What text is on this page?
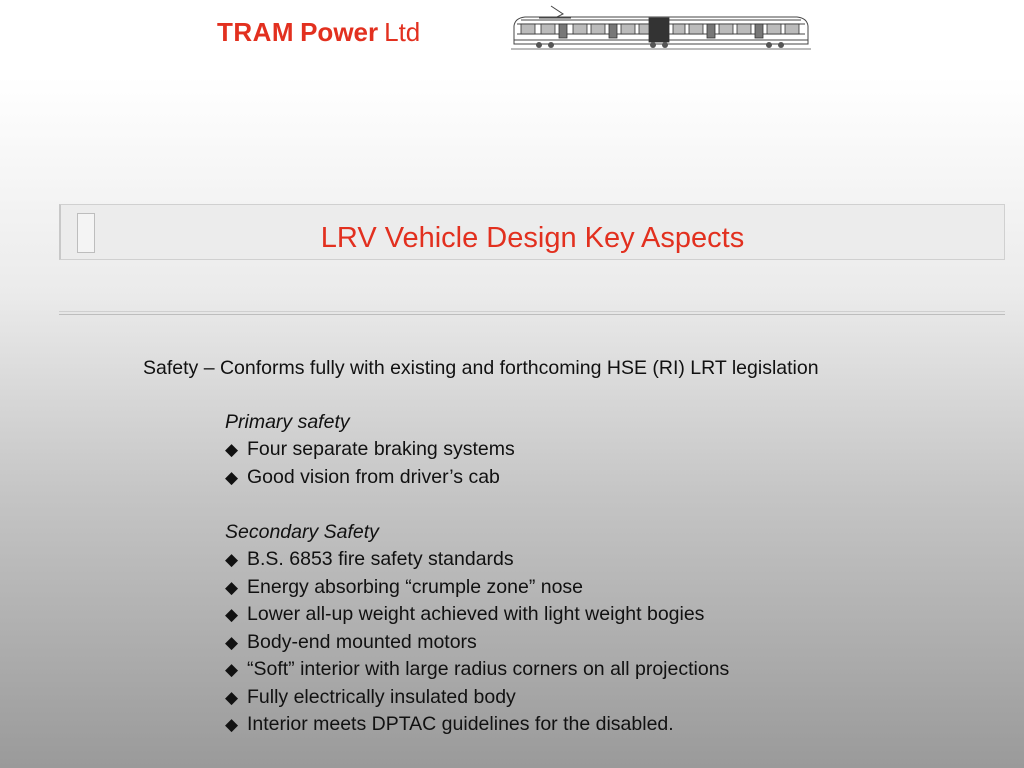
TRAM Power Ltd
LRV Vehicle Design Key Aspects
Safety – Conforms fully with existing and forthcoming HSE (RI) LRT legislation
Primary safety
◆ Four separate braking systems
◆ Good vision from driver’s cab
Secondary Safety
◆ B.S. 6853 fire safety standards
◆ Energy absorbing “crumple zone” nose
◆ Lower all-up weight achieved with light weight bogies
◆ Body-end mounted motors
◆ “Soft” interior with large radius corners on all projections
◆ Fully electrically insulated body
◆ Interior meets DPTAC guidelines for the disabled.
